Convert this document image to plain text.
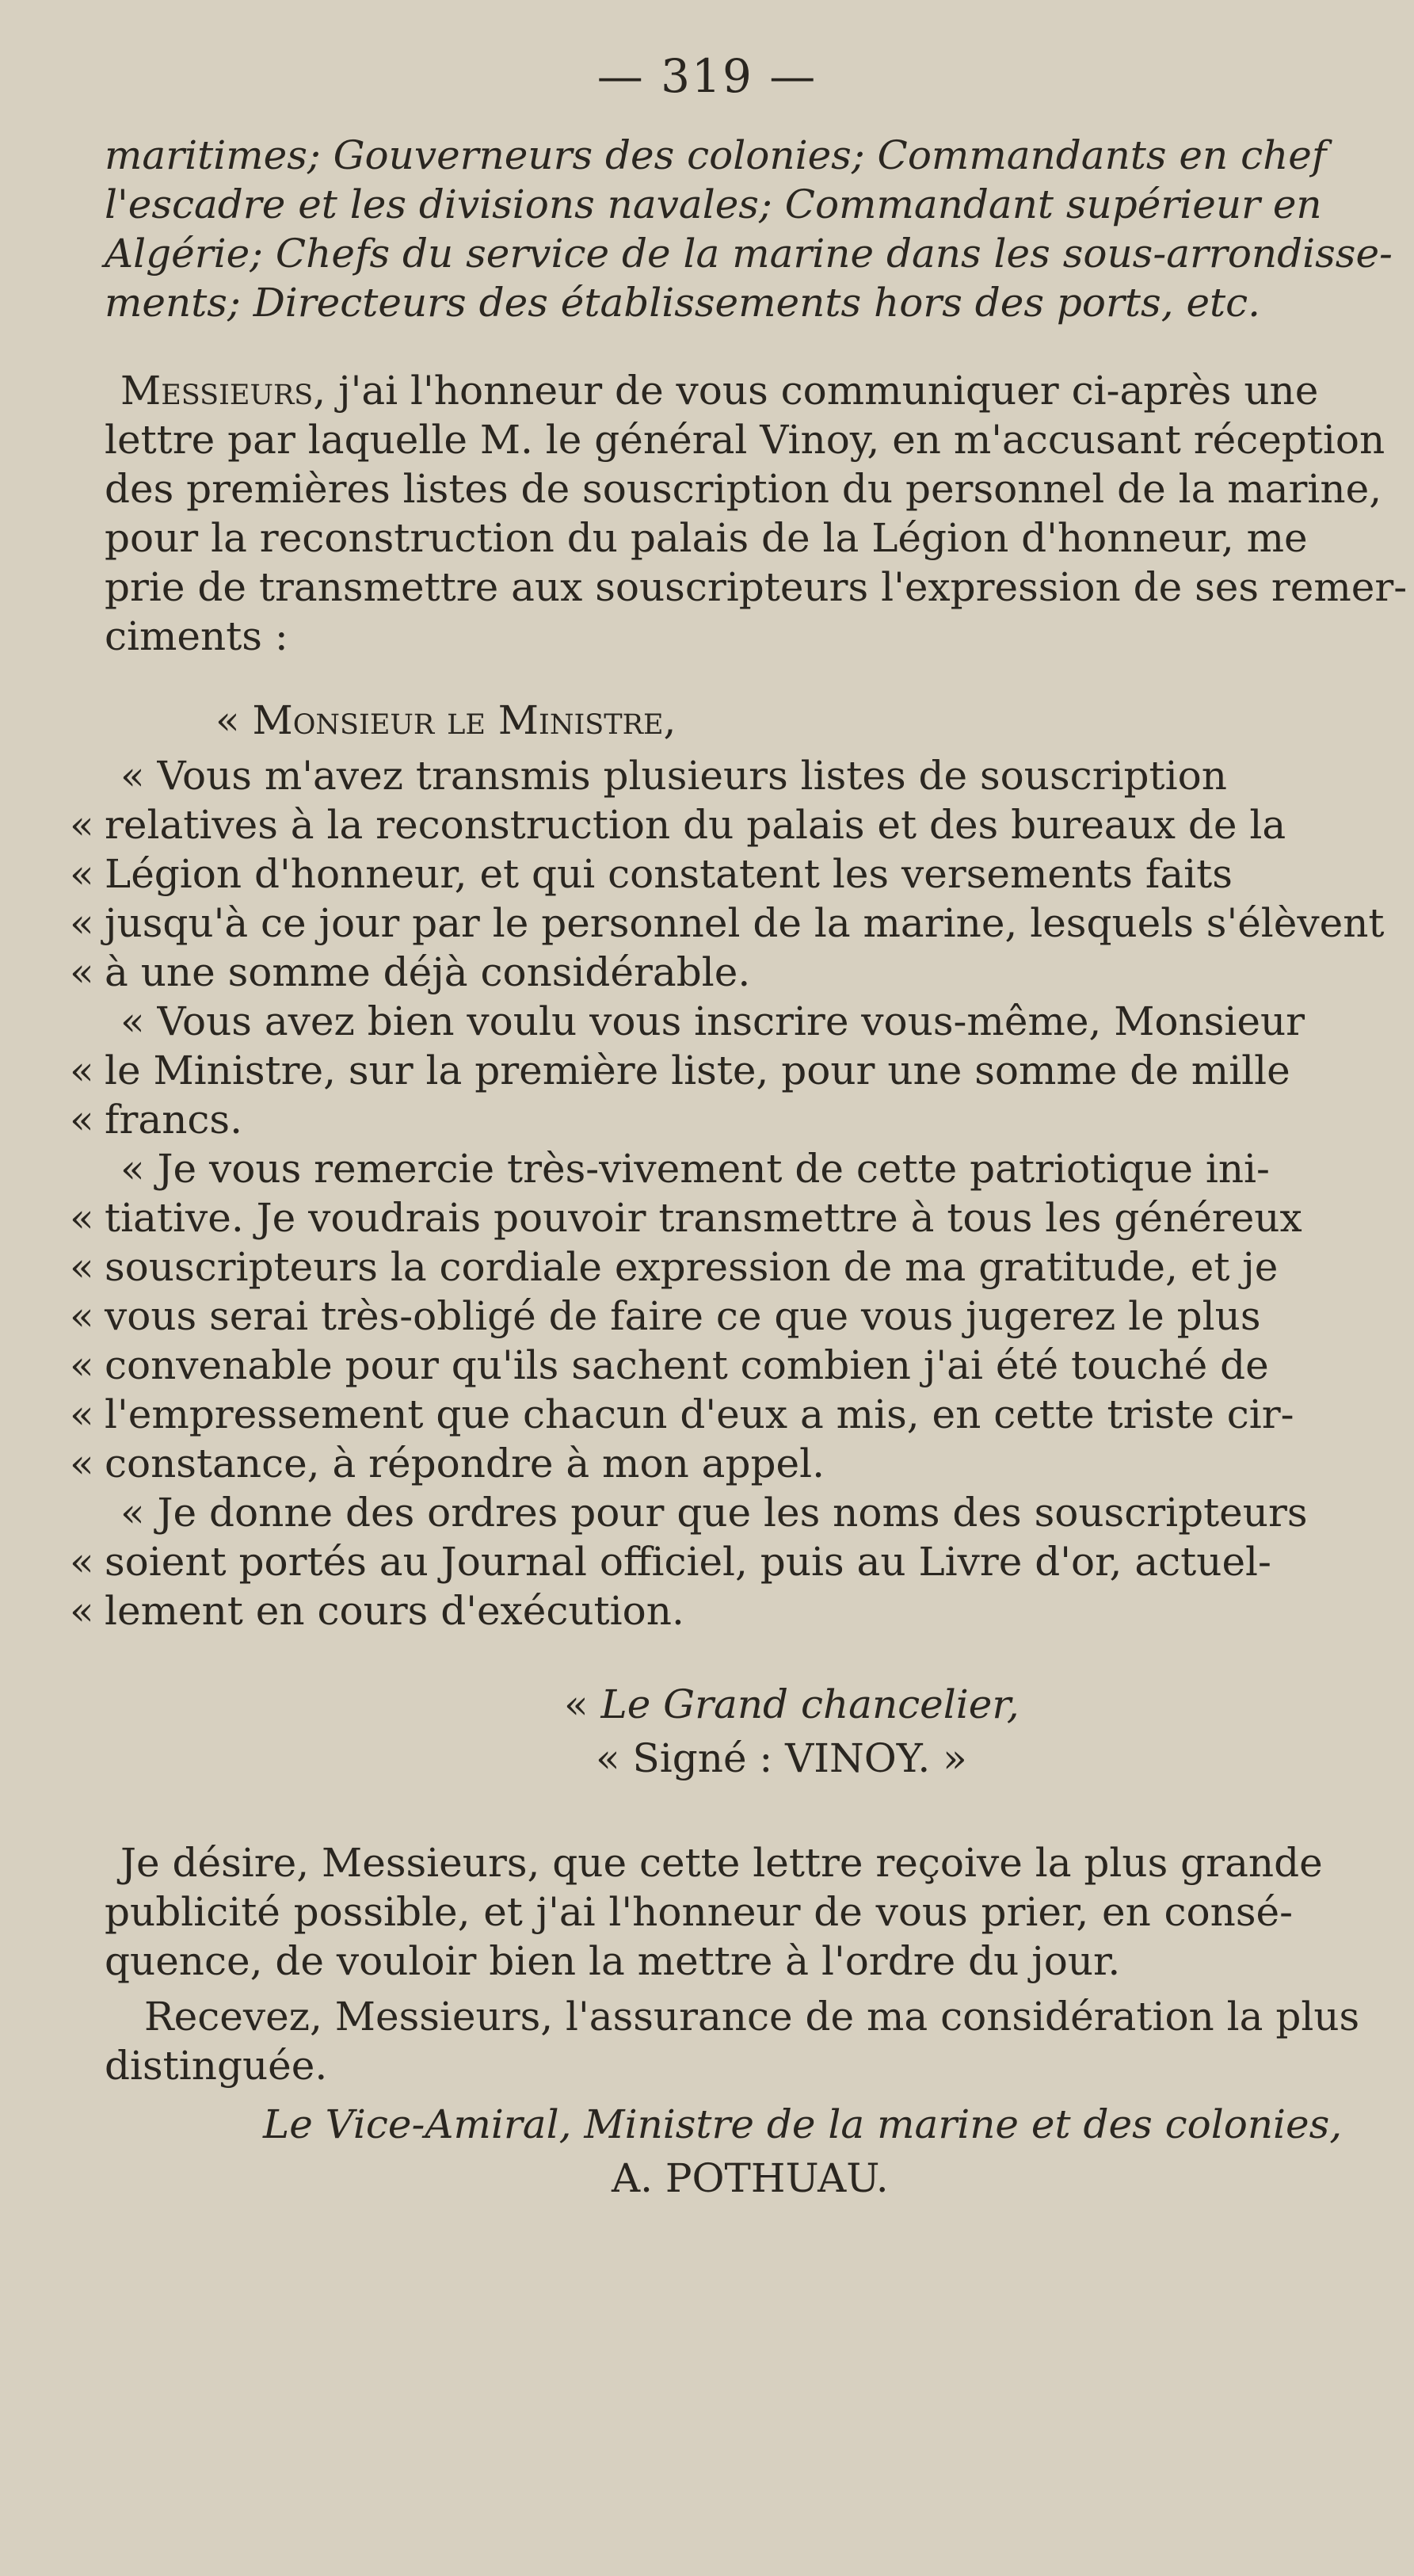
— 319 —
maritimes; Gouverneurs des colonies; Commandants en chef
l'escadre et les divisions navales; Commandant supérieur en
Algérie; Chefs du service de la marine dans les sous-arrondisse-
ments; Directeurs des établissements hors des ports, etc.
Messieurs , j'ai l'honneur de vous communiquer ci-après une
lettre par laquelle M. le général Vinoy, en m'accusant réception
des premières listes de souscription du personnel de la marine,
pour la reconstruction du palais de la Légion d'honneur, me
prie de transmettre aux souscripteurs l'expression de ses remer-
ciments :
«
Monsieur le Ministre,
« Vous m'avez transmis plusieurs listes de souscription
« relatives à la reconstruction du palais et des bureaux de la
« Légion d'honneur, et qui constatent les versements faits
« jusqu'à ce jour par le personnel de la marine, lesquels s'élèvent
« à une somme déjà considérable.
« Vous avez bien voulu vous inscrire vous-même, Monsieur
« le Ministre, sur la première liste, pour une somme de mille
« francs.
« Je vous remercie très-vivement de cette patriotique ini-
« tiative. Je voudrais pouvoir transmettre à tous les généreux
« souscripteurs la cordiale expression de ma gratitude, et je
« vous serai très-obligé de faire ce que vous jugerez le plus
« convenable pour qu'ils sachent combien j'ai été touché de
« l'empressement que chacun d'eux a mis, en cette triste cir-
« constance, à répondre à mon appel.
« Je donne des ordres pour que les noms des souscripteurs
« soient portés au Journal officiel, puis au Livre d'or, actuel-
« lement en cours d'exécution.
«
Le Grand chancelier,
« Signé : VINOY. »
Je désire, Messieurs, que cette lettre reçoive la plus grande
publicité possible, et j'ai l'honneur de vous prier, en consé-
quence, de vouloir bien la mettre à l'ordre du jour.
Recevez, Messieurs, l'assurance de ma considération la plus
distinguée.
Le Vice-Amiral, Ministre de la marine et des colonies,
A. POTHUAU.
